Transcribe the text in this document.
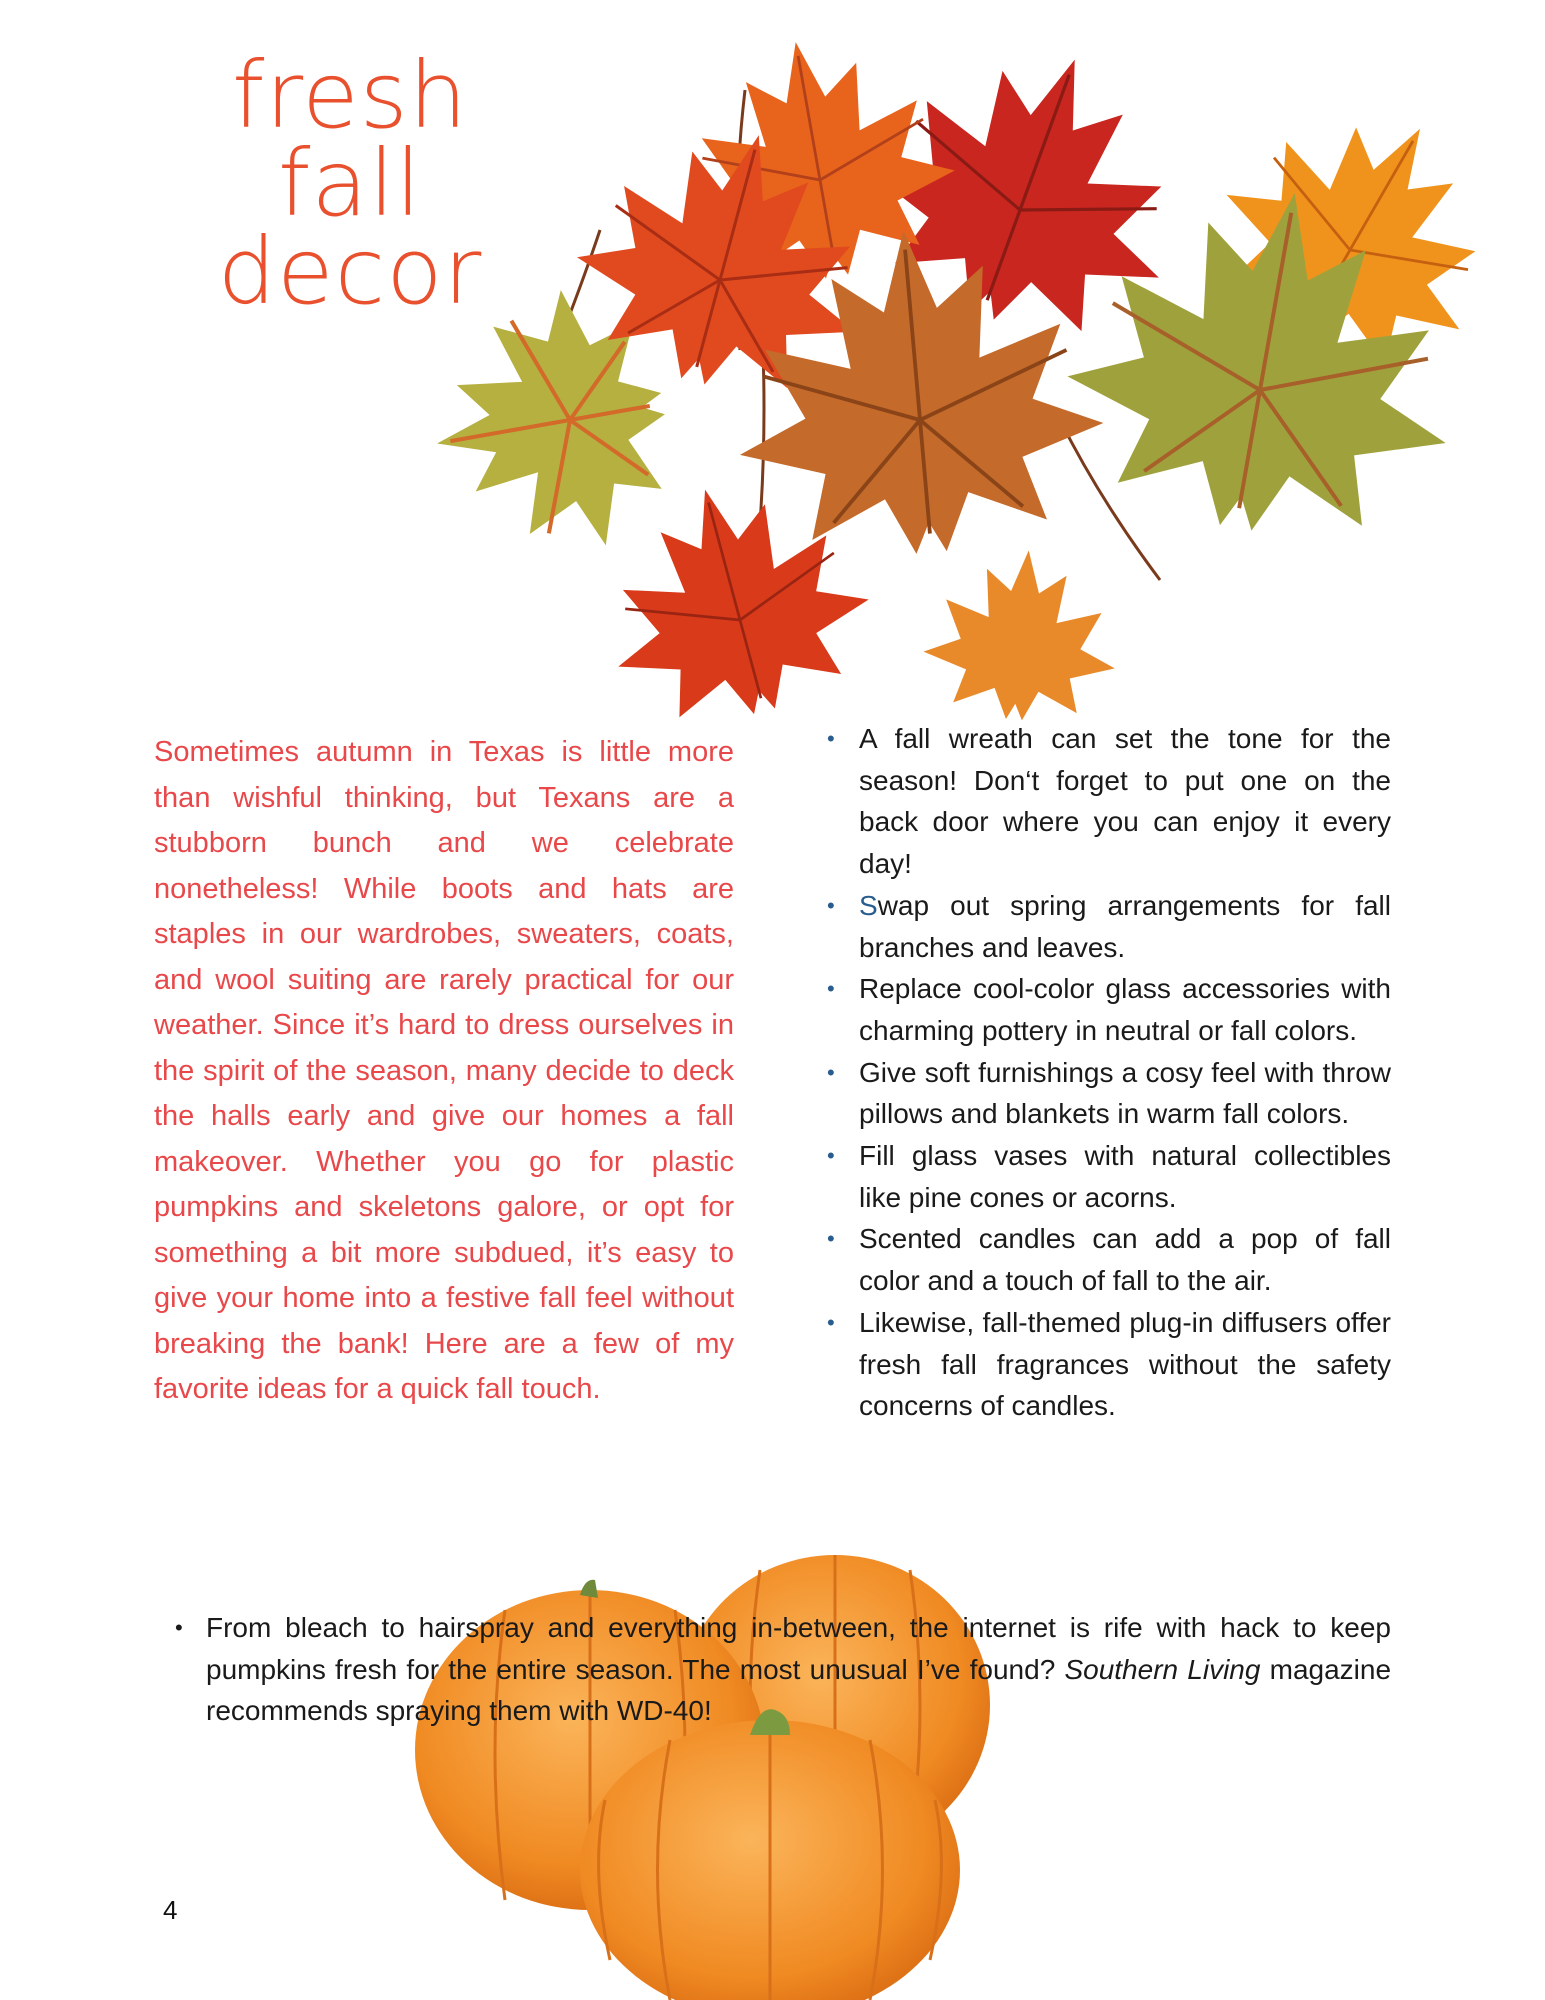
fresh
fall
decor

Sometimes autumn in Texas is little more than wishful thinking, but Texans are a stubborn bunch and we celebrate nonetheless! While boots and hats are staples in our wardrobes, sweaters, coats, and wool suiting are rarely practical for our weather. Since it’s hard to dress ourselves in the spirit of the season, many decide to deck the halls early and give our homes a fall makeover. Whether you go for plastic pumpkins and skeletons galore, or opt for something a bit more subdued, it’s easy to give your home into a festive fall feel without breaking the bank! Here are a few of my favorite ideas for a quick fall touch.

• A fall wreath can set the tone for the season! Don‘t forget to put one on the back door where you can enjoy it every day!
• Swap out spring arrangements for fall branches and leaves.
• Replace cool-color glass accessories with charming pottery in neutral or fall colors.
• Give soft furnishings a cosy feel with throw pillows and blankets in warm fall colors.
• Fill glass vases with natural collectibles like pine cones or acorns.
• Scented candles can add a pop of fall color and a touch of fall to the air.
• Likewise, fall-themed plug-in diffusers offer fresh fall fragrances without the safety concerns of candles.
• From bleach to hairspray and everything in-between, the internet is rife with hack to keep pumpkins fresh for the entire season. The most unusual I’ve found? Southern Living magazine recommends spraying them with WD-40!
4
